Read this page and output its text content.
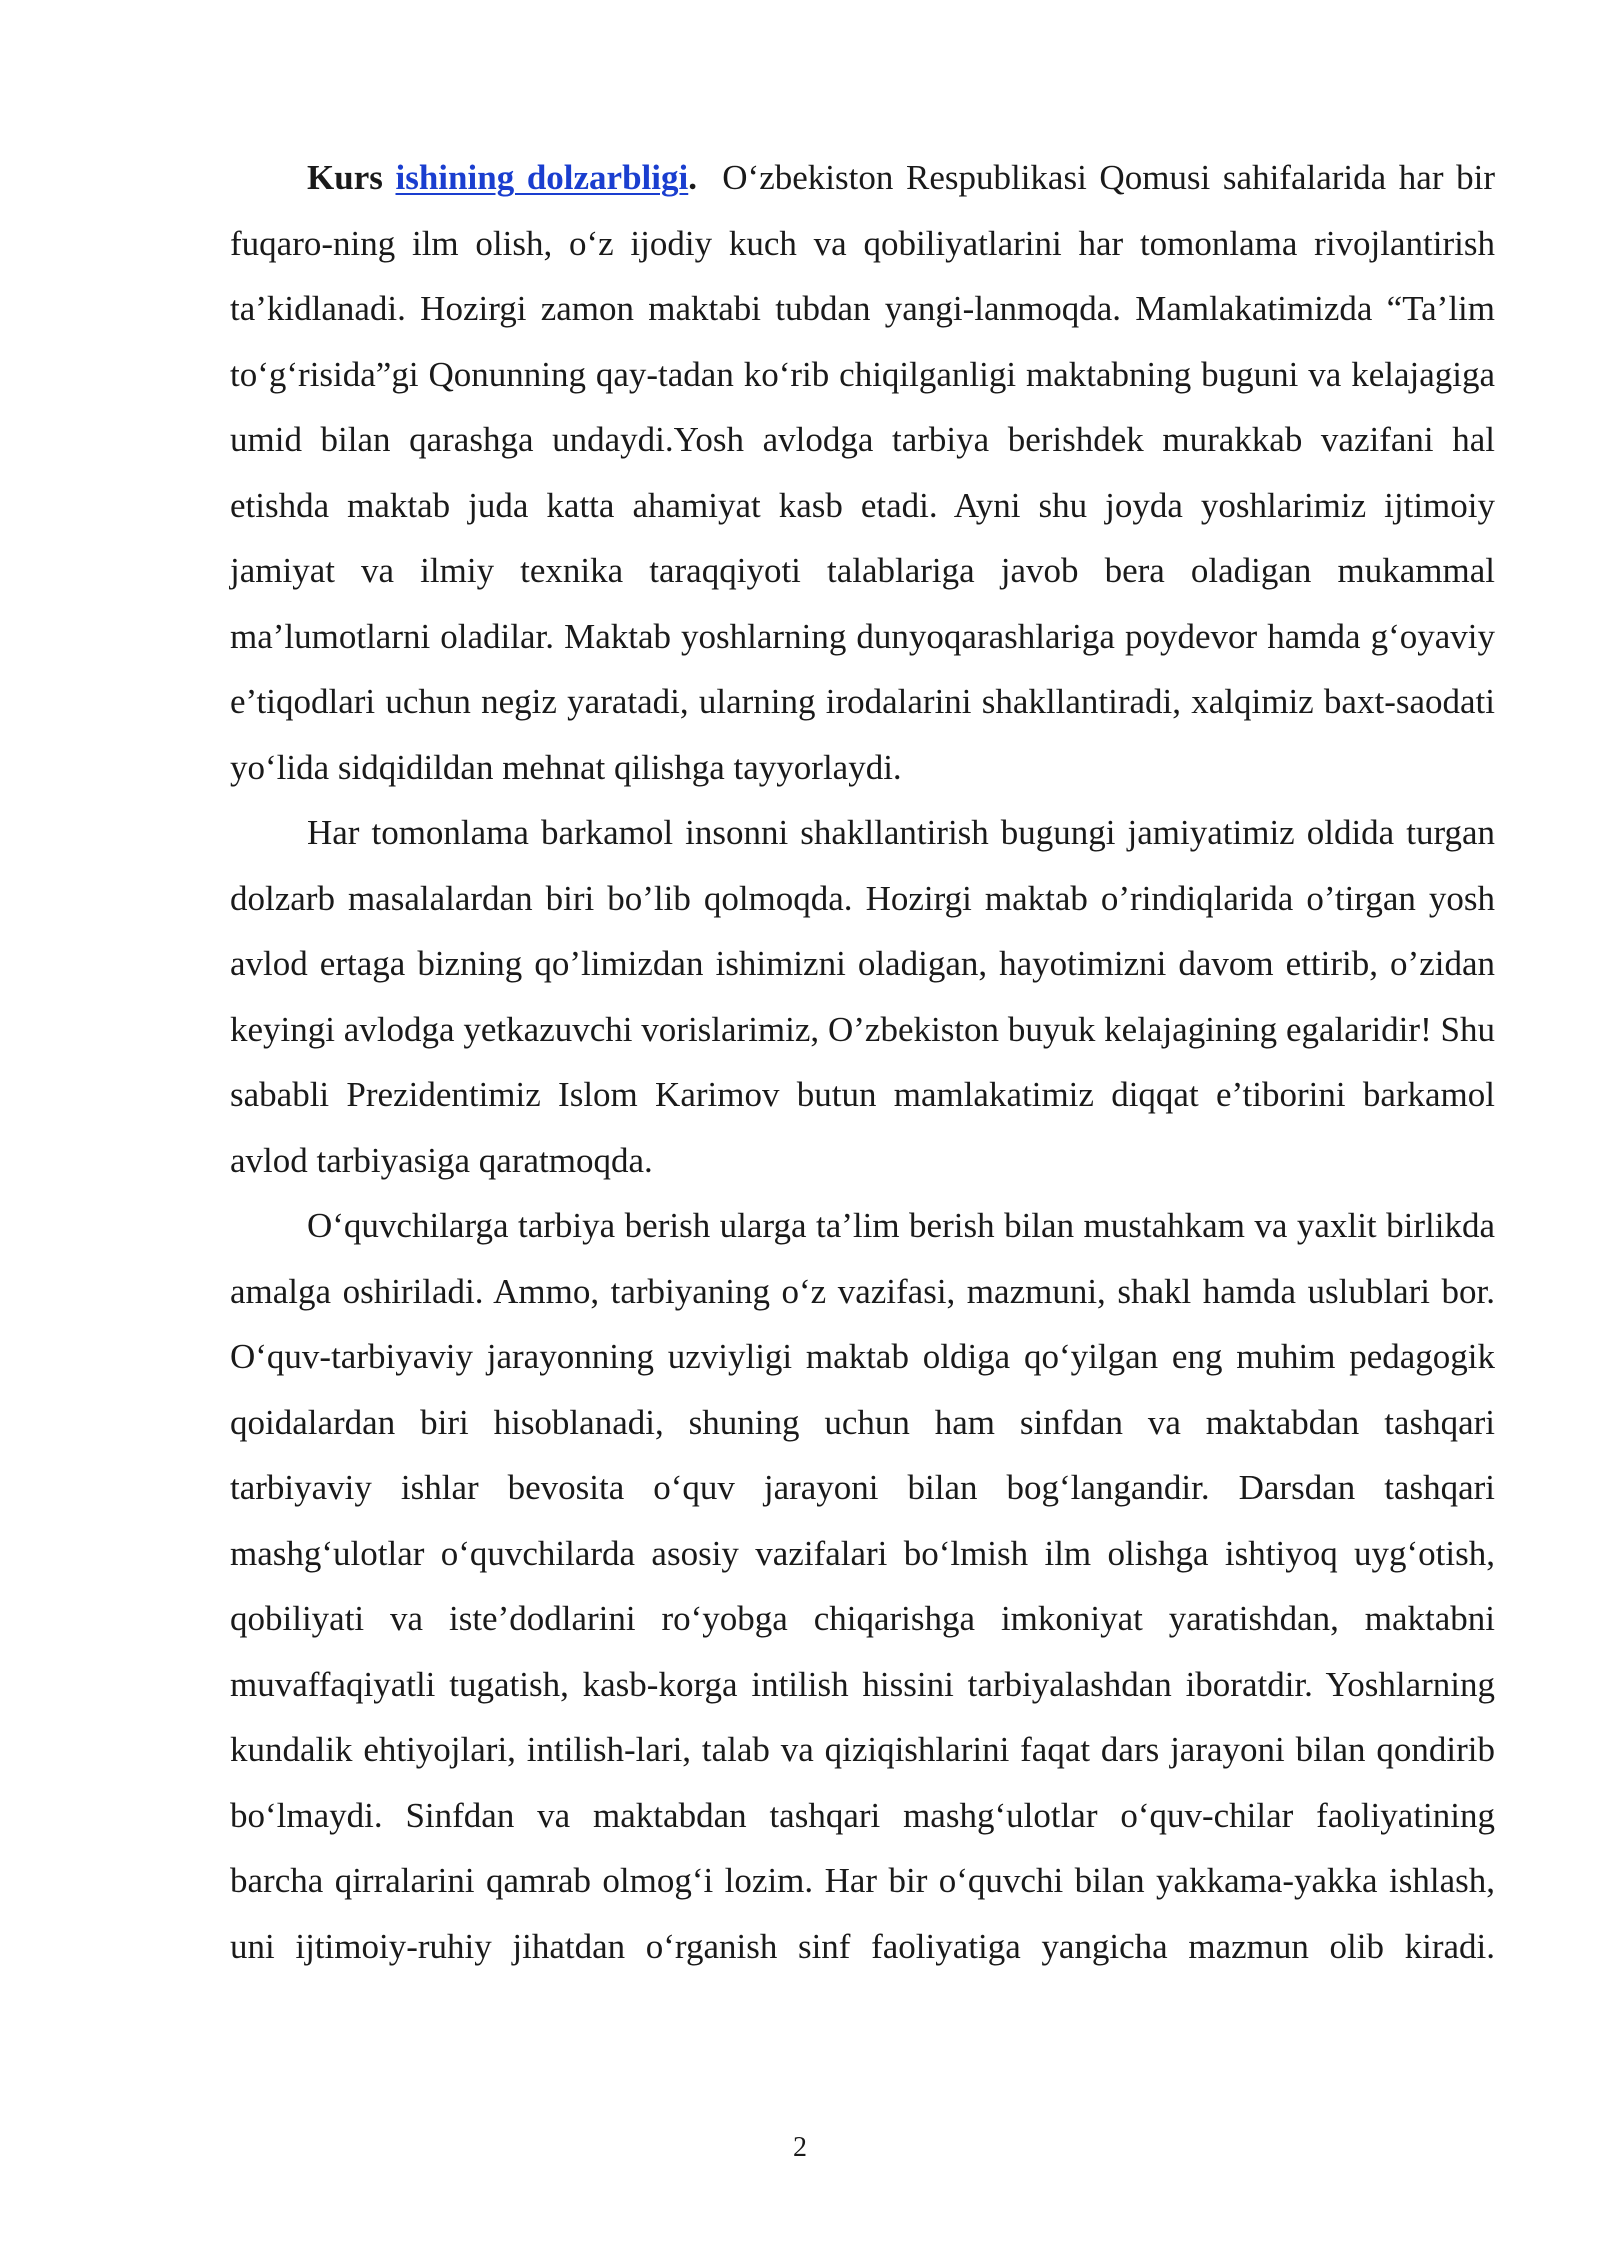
Kurs ishining dolzarbligi. O‘zbekiston Respublikasi Qomusi sahifalarida har bir fuqaro-ning ilm olish, o‘z ijodiy kuch va qobiliyatlarini har tomonlama rivojlantirish ta’kidlanadi. Hozirgi zamon maktabi tubdan yangi-lanmoqda. Mamlakatimizda “Ta’lim to‘g‘risida”gi Qonunning qay-tadan ko‘rib chiqilganligi maktabning buguni va kelajagiga umid bilan qarashga undaydi.Yosh avlodga tarbiya berishdek murakkab vazifani hal etishda maktab juda katta ahamiyat kasb etadi. Ayni shu joyda yoshlarimiz ijtimoiy jamiyat va ilmiy texnika taraqqiyoti talablariga javob bera oladigan mukammal ma’lumotlarni oladilar. Maktab yoshlarning dunyoqarashlariga poydevor hamda g‘oyaviy e’tiqodlari uchun negiz yaratadi, ularning irodalarini shakllantiradi, xalqimiz baxt-saodati yo‘lida sidqidildan mehnat qilishga tayyorlaydi.

Har tomonlama barkamol insonni shakllantirish bugungi jamiyatimiz oldida turgan dolzarb masalalardan biri bo’lib qolmoqda. Hozirgi maktab o’rindiqlarida o’tirgan yosh avlod ertaga bizning qo’limizdan ishimizni oladigan, hayotimizni davom ettirib, o’zidan keyingi avlodga yetkazuvchi vorislarimiz, O’zbekiston buyuk kelajagining egalaridir! Shu sababli Prezidentimiz Islom Karimov butun mamlakatimiz diqqat e’tiborini barkamol avlod tarbiyasiga qaratmoqda.

O‘quvchilarga tarbiya berish ularga ta’lim berish bilan mustahkam va yaxlit birlikda amalga oshiriladi. Ammo, tarbiyaning o‘z vazifasi, mazmuni, shakl hamda uslublari bor. O‘quv-tarbiyaviy jarayonning uzviyligi maktab oldiga qo‘yilgan eng muhim pedagogik qoidalardan biri hisoblanadi, shuning uchun ham sinfdan va maktabdan tashqari tarbiyaviy ishlar bevosita o‘quv jarayoni bilan bog‘langandir. Darsdan tashqari mashg‘ulotlar o‘quvchilarda asosiy vazifalari bo‘lmish ilm olishga ishtiyoq uyg‘otish, qobiliyati va iste’dodlarini ro‘yobga chiqarishga imkoniyat yaratishdan, maktabni muvaffaqiyatli tugatish, kasb-korga intilish hissini tarbiyalashdan iboratdir. Yoshlarning kundalik ehtiyojlari, intilish-lari, talab va qiziqishlarini faqat dars jarayoni bilan qondirib bo‘lmaydi. Sinfdan va maktabdan tashqari mashg‘ulotlar o‘quv-chilar faoliyatining barcha qirralarini qamrab olmog‘i lozim. Har bir o‘quvchi bilan yakkama-yakka ishlash, uni ijtimoiy-ruhiy jihatdan o‘rganish sinf faoliyatiga yangicha mazmun olib kiradi.

2
